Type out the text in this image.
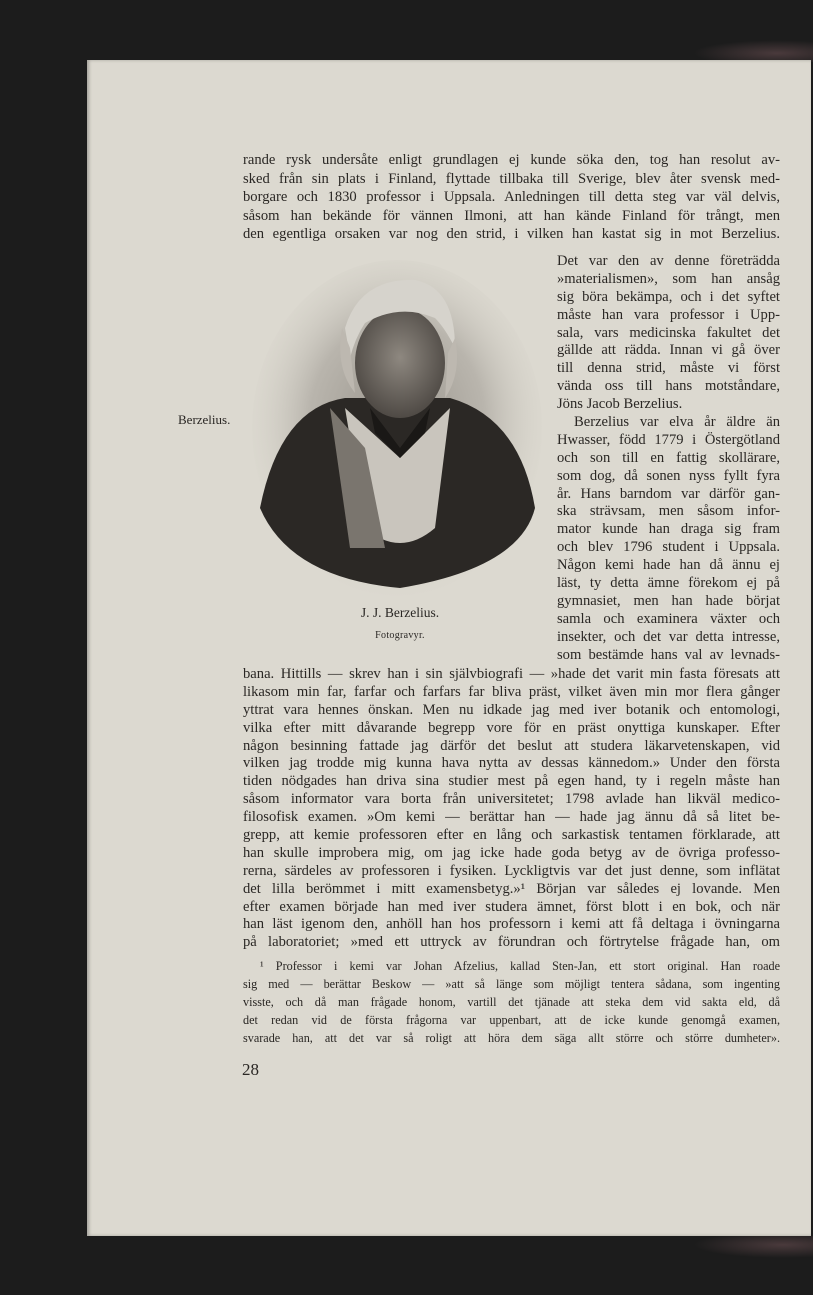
rande rysk undersåte enligt grundlagen ej kunde söka den, tog han resolut av-
sked från sin plats i Finland, flyttade tillbaka till Sverige, blev åter svensk med-
borgare och 1830 professor i Uppsala. Anledningen till detta steg var väl delvis,
såsom han bekände för vännen Ilmoni, att han kände Finland för trångt, men
den egentliga orsaken var nog den strid, i vilken han kastat sig in mot Berzelius.
Det var den av denne företrädda
»materialismen», som han ansåg
sig böra bekämpa, och i det syftet
måste han vara professor i Upp-
sala, vars medicinska fakultet det
gällde att rädda. Innan vi gå över
till denna strid, måste vi först
vända oss till hans motståndare,
Jöns Jacob Berzelius.
Berzelius var elva år äldre än
Hwasser, född 1779 i Östergötland
och son till en fattig skollärare,
som dog, då sonen nyss fyllt fyra
år. Hans barndom var därför gan-
ska strävsam, men såsom infor-
mator kunde han draga sig fram
och blev 1796 student i Uppsala.
Någon kemi hade han då ännu ej
läst, ty detta ämne förekom ej på
gymnasiet, men han hade börjat
samla och examinera växter och
insekter, och det var detta intresse,
som bestämde hans val av levnads-
bana. Hittills — skrev han i sin självbiografi — »hade det varit min fasta föresats att
likasom min far, farfar och farfars far bliva präst, vilket även min mor flera gånger
yttrat vara hennes önskan. Men nu idkade jag med iver botanik och entomologi,
vilka efter mitt dåvarande begrepp vore för en präst onyttiga kunskaper. Efter
någon besinning fattade jag därför det beslut att studera läkarvetenskapen, vid
vilken jag trodde mig kunna hava nytta av dessas kännedom.» Under den första
tiden nödgades han driva sina studier mest på egen hand, ty i regeln måste han
såsom informator vara borta från universitetet; 1798 avlade han likväl medico-
filosofisk examen. »Om kemi — berättar han — hade jag ännu då så litet be-
grepp, att kemie professoren efter en lång och sarkastisk tentamen förklarade, att
han skulle improbera mig, om jag icke hade goda betyg av de övriga professo-
rerna, särdeles av professoren i fysiken. Lyckligtvis var det just denne, som inflätat
det lilla berömmet i mitt examensbetyg.»¹ Början var således ej lovande. Men
efter examen började han med iver studera ämnet, först blott i en bok, och när
han läst igenom den, anhöll han hos professorn i kemi att få deltaga i övningarna
på laboratoriet; »med ett uttryck av förundran och förtrytelse frågade han, om
¹ Professor i kemi var Johan Afzelius, kallad Sten-Jan, ett stort original. Han roade
sig med — berättar Beskow — »att så länge som möjligt tentera sådana, som ingenting
visste, och då man frågade honom, vartill det tjänade att steka dem vid sakta eld, då
det redan vid de första frågorna var uppenbart, att de icke kunde genomgå examen,
svarade han, att det var så roligt att höra dem säga allt större och större dumheter».
Berzelius.
J. J. Berzelius.
Fotogravyr.
28
